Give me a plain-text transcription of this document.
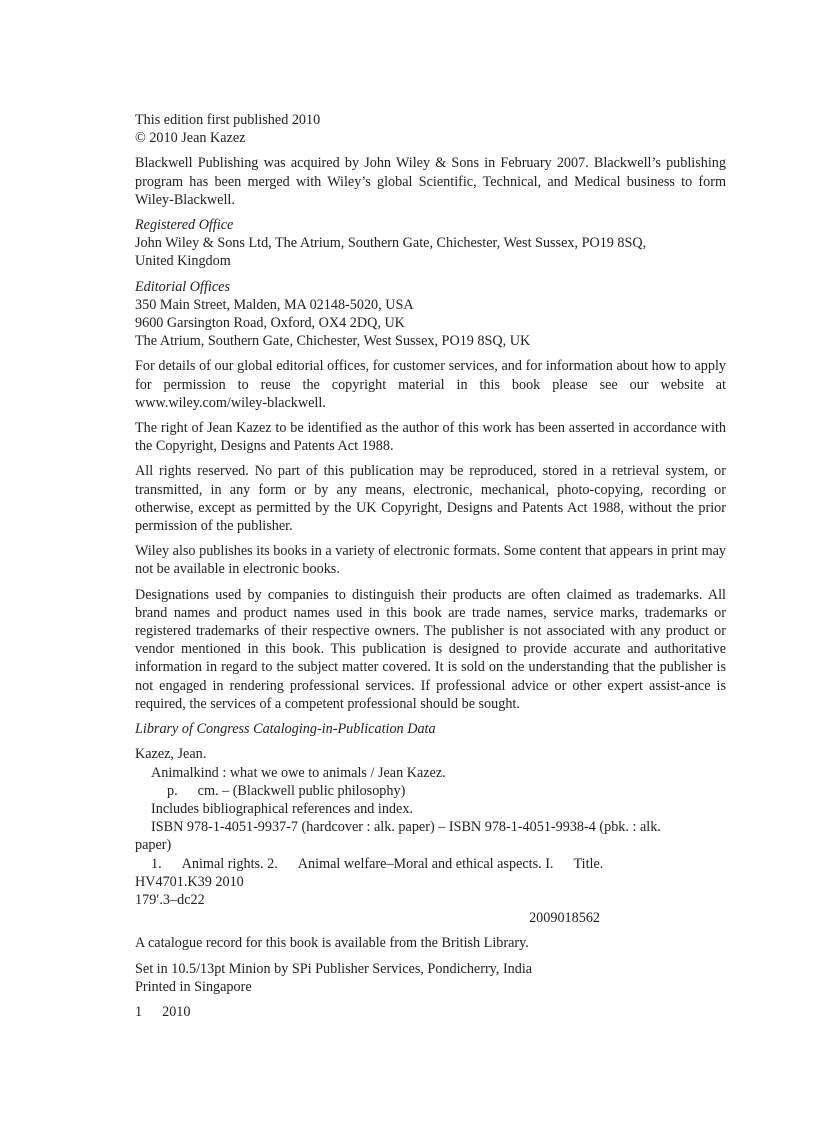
This edition first published 2010
© 2010 Jean Kazez

Blackwell Publishing was acquired by John Wiley & Sons in February 2007. Blackwell’s publishing program has been merged with Wiley’s global Scientific, Technical, and Medical business to form Wiley-Blackwell.

Registered Office
John Wiley & Sons Ltd, The Atrium, Southern Gate, Chichester, West Sussex, PO19 8SQ,
United Kingdom
Editorial Offices
350 Main Street, Malden, MA 02148-5020, USA
9600 Garsington Road, Oxford, OX4 2DQ, UK
The Atrium, Southern Gate, Chichester, West Sussex, PO19 8SQ, UK

For details of our global editorial offices, for customer services, and for information about how to apply for permission to reuse the copyright material in this book please see our website at www.wiley.com/wiley-blackwell.

The right of Jean Kazez to be identified as the author of this work has been asserted in accordance with the Copyright, Designs and Patents Act 1988.

All rights reserved. No part of this publication may be reproduced, stored in a retrieval system, or transmitted, in any form or by any means, electronic, mechanical, photo-copying, recording or otherwise, except as permitted by the UK Copyright, Designs and Patents Act 1988, without the prior permission of the publisher.

Wiley also publishes its books in a variety of electronic formats. Some content that appears in print may not be available in electronic books.

Designations used by companies to distinguish their products are often claimed as trademarks. All brand names and product names used in this book are trade names, service marks, trademarks or registered trademarks of their respective owners. The publisher is not associated with any product or vendor mentioned in this book. This publication is designed to provide accurate and authoritative information in regard to the subject matter covered. It is sold on the understanding that the publisher is not engaged in rendering professional services. If professional advice or other expert assist-ance is required, the services of a competent professional should be sought.

Library of Congress Cataloging-in-Publication Data
Kazez, Jean.
Animalkind : what we owe to animals / Jean Kazez.
p. cm. – (Blackwell public philosophy)
Includes bibliographical references and index.
ISBN 978-1-4051-9937-7 (hardcover : alk. paper) – ISBN 978-1-4051-9938-4 (pbk. : alk.
paper)
1. Animal rights. 2. Animal welfare–Moral and ethical aspects. I. Title.
HV4701.K39 2010
179′.3–dc22
2009018562

A catalogue record for this book is available from the British Library.

Set in 10.5/13pt Minion by SPi Publisher Services, Pondicherry, India
Printed in Singapore
1 2010
